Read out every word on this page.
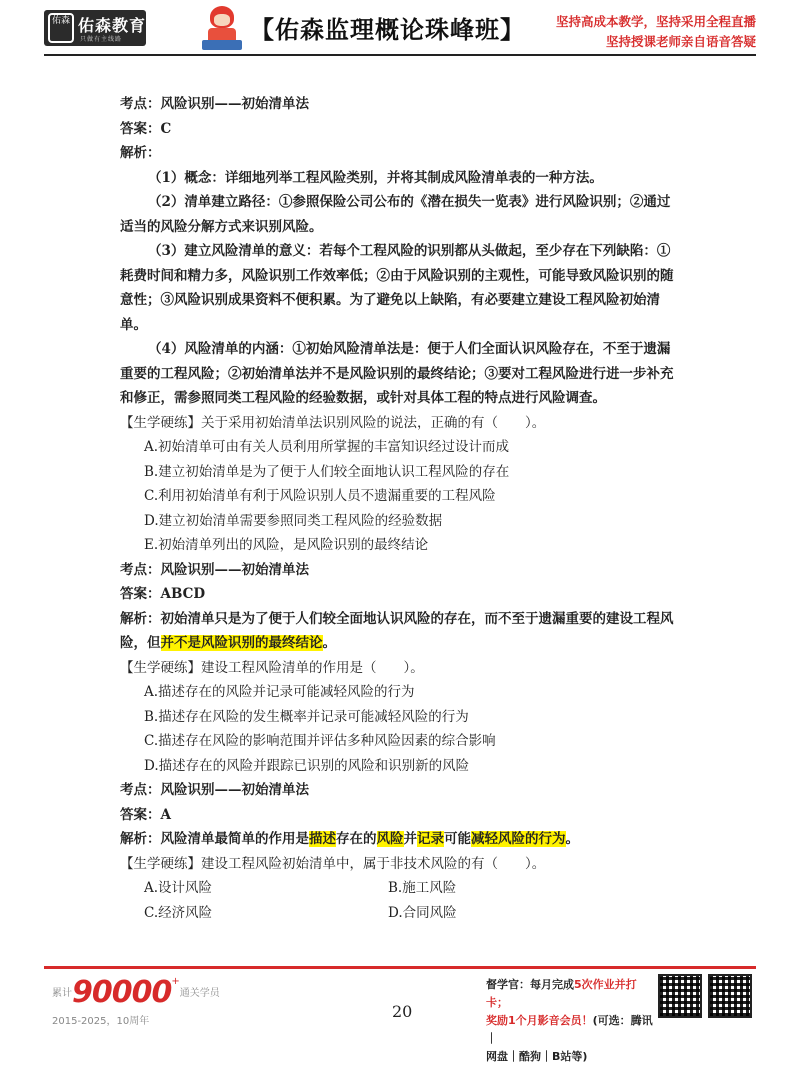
佑森 佑森教育
只做有主线路	【佑森监理概论珠峰班】 坚持高成本教学，坚持采用全程直播
坚持授课老师亲自语音答疑

考点：风险识别——初始清单法

答案：C

解析：

（1）概念：详细地列举工程风险类别，并将其制成风险清单表的一种方法。

（2）清单建立路径：①参照保险公司公布的《潜在损失一览表》进行风险识别；②通过适当的风险分解方式来识别风险。

（3）建立风险清单的意义：若每个工程风险的识别都从头做起，至少存在下列缺陷：①耗费时间和精力多，风险识别工作效率低；②由于风险识别的主观性，可能导致风险识别的随意性；③风险识别成果资料不便积累。为了避免以上缺陷，有必要建立建设工程风险初始清单。

（4）风险清单的内涵：①初始风险清单法是：便于人们全面认识风险存在，不至于遗漏重要的工程风险；②初始清单法并不是风险识别的最终结论；③要对工程风险进行进一步补充和修正，需参照同类工程风险的经验数据，或针对具体工程的特点进行风险调查。

【生学硬练】关于采用初始清单法识别风险的说法，正确的有（　　）。

A.初始清单可由有关人员利用所掌握的丰富知识经过设计而成

B.建立初始清单是为了便于人们较全面地认识工程风险的存在

C.利用初始清单有利于风险识别人员不遗漏重要的工程风险

D.建立初始清单需要参照同类工程风险的经验数据

E.初始清单列出的风险，是风险识别的最终结论

考点：风险识别——初始清单法

答案：ABCD

解析：初始清单只是为了便于人们较全面地认识风险的存在，而不至于遗漏重要的建设工程风险，但并不是风险识别的最终结论。

【生学硬练】建设工程风险清单的作用是（　　）。

A.描述存在的风险并记录可能减轻风险的行为

B.描述存在风险的发生概率并记录可能减轻风险的行为

C.描述存在风险的影响范围并评估多种风险因素的综合影响

D.描述存在的风险并跟踪已识别的风险和识别新的风险

考点：风险识别——初始清单法

答案：A

解析：风险清单最简单的作用是描述存在的风险并记录可能减轻风险的行为。

【生学硬练】建设工程风险初始清单中，属于非技术风险的有（　　）。

A.设计风险	B.施工风险

C.经济风险	D.合同风险

累计90000+通关学员
2015-2025，10周年
20
督学官：每月完成5次作业并打卡；
奖励1个月影音会员！(可选：腾讯｜
网盘｜酷狗｜B站等)
